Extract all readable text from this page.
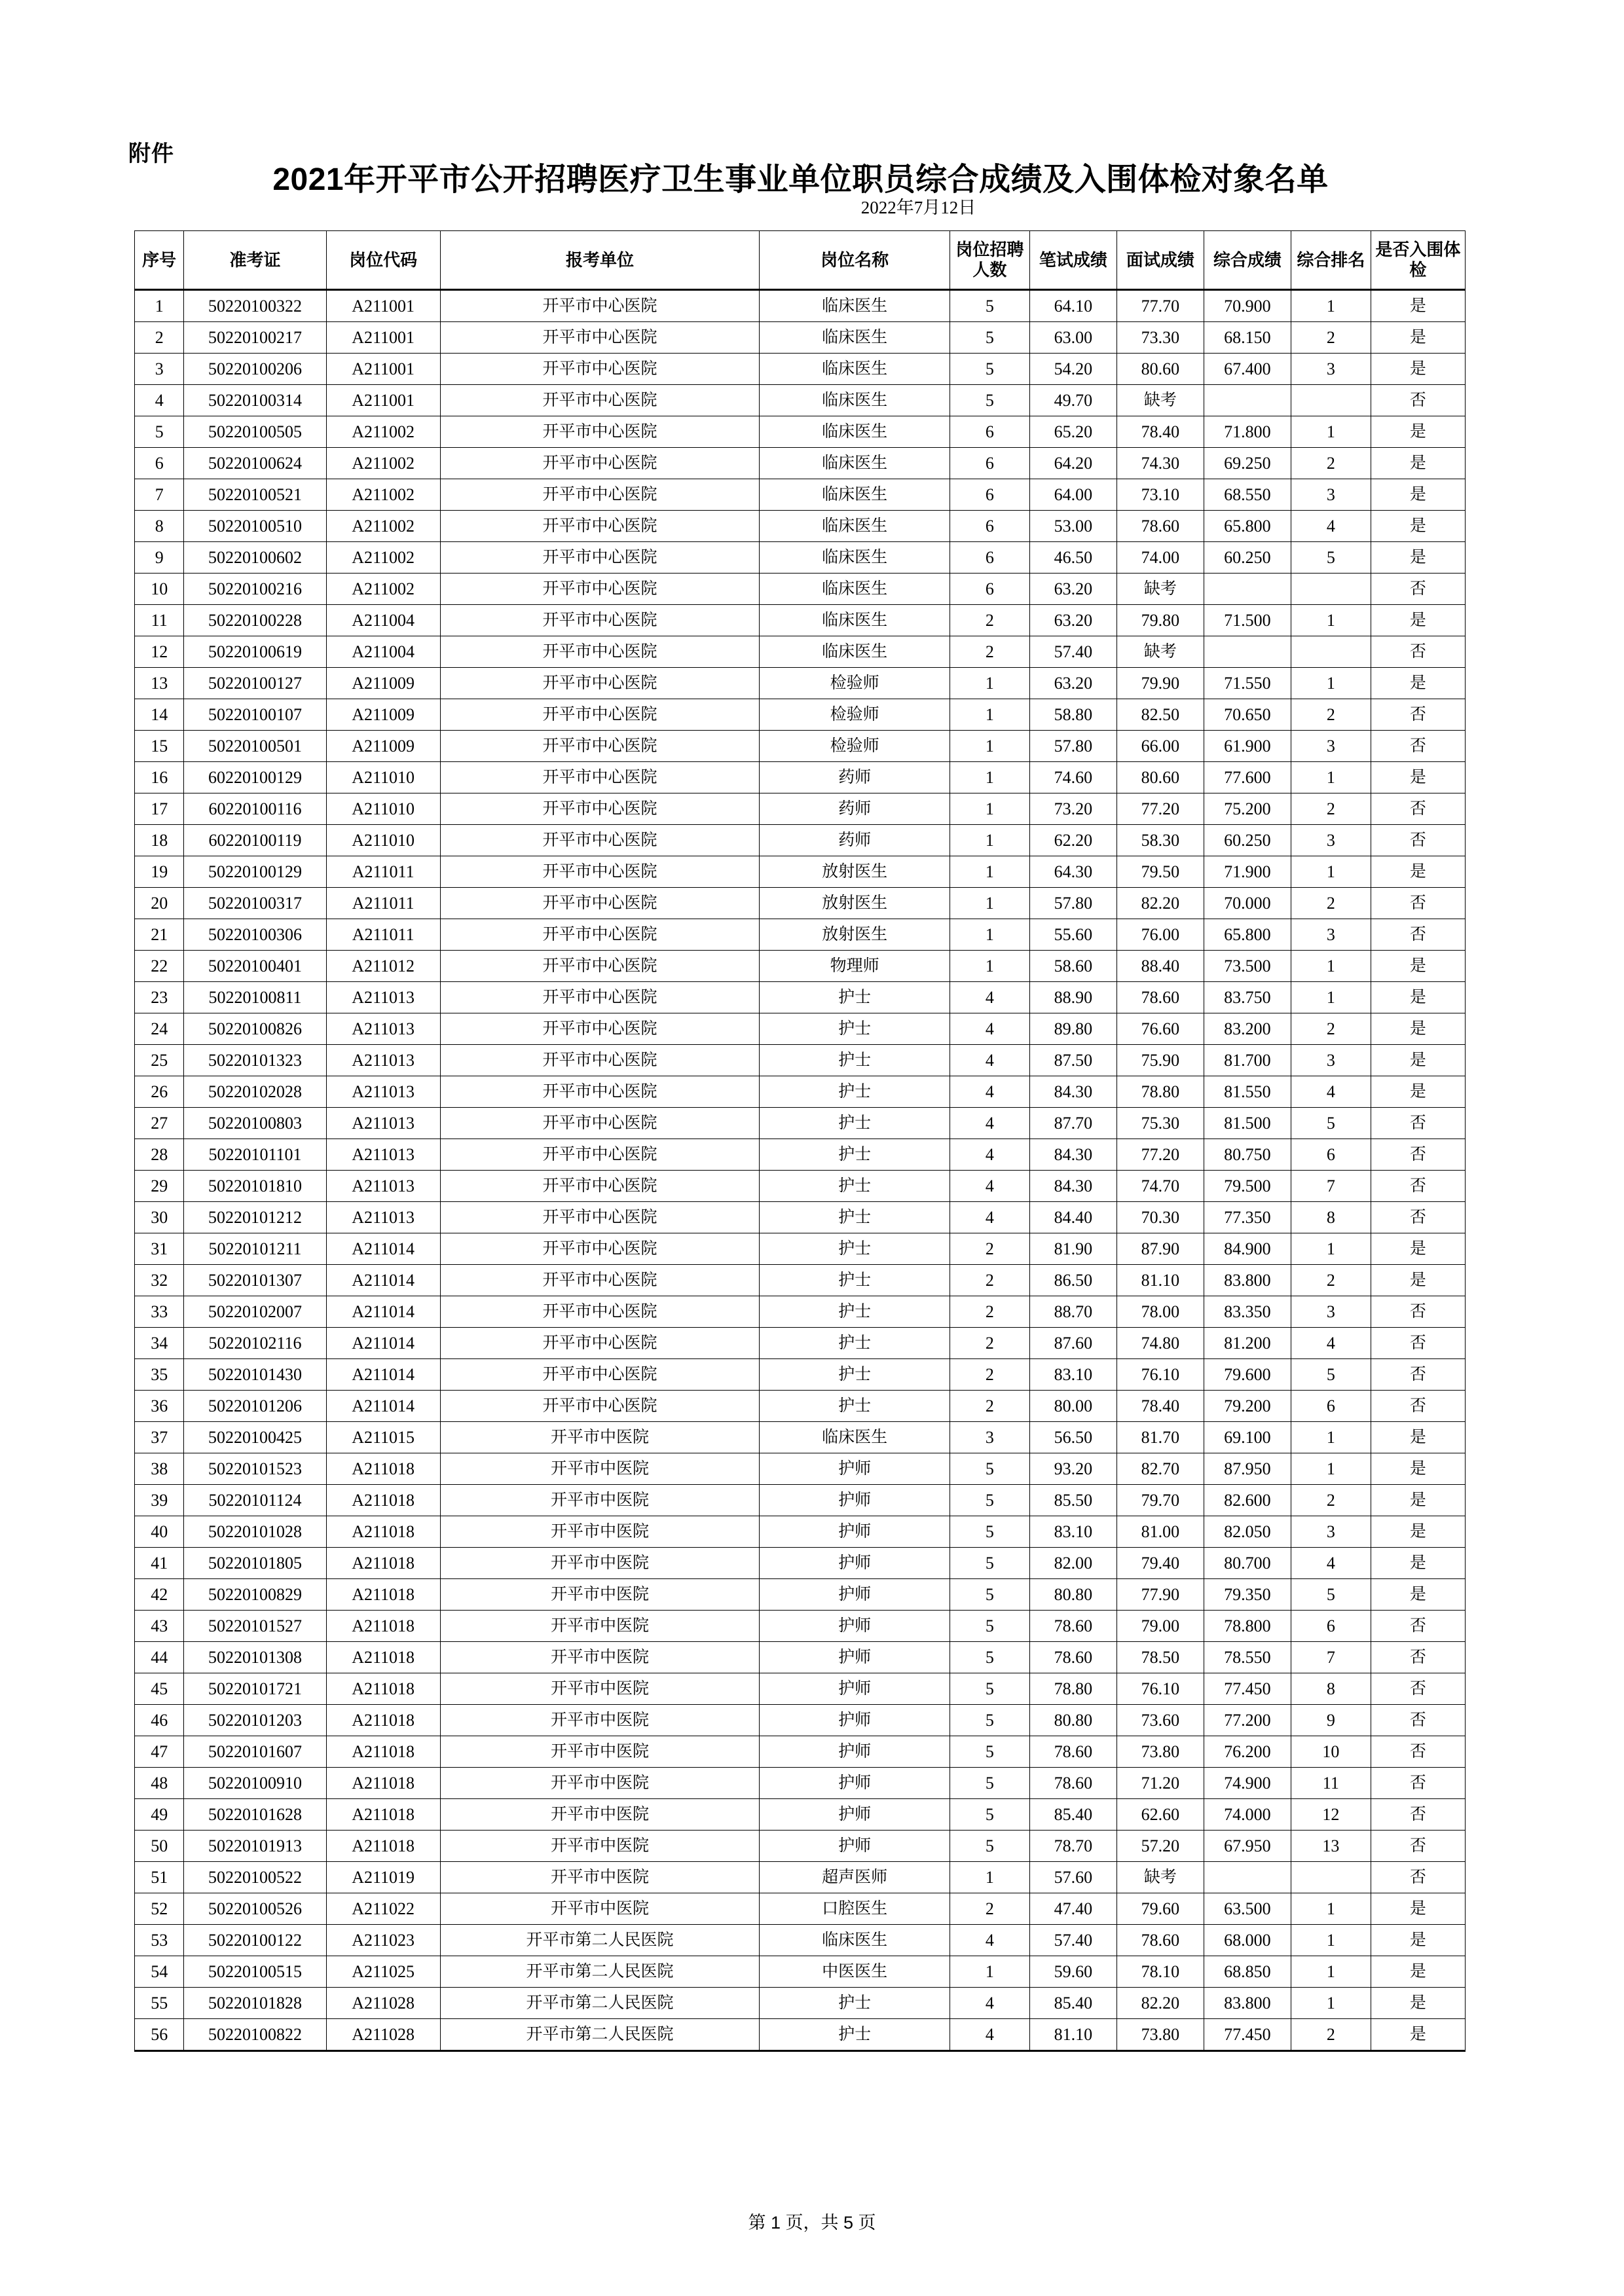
附件
2021年开平市公开招聘医疗卫生事业单位职员综合成绩及入围体检对象名单
2022年7月12日
序号	准考证	岗位代码	报考单位	岗位名称	岗位招聘人数	笔试成绩	面试成绩	综合成绩	综合排名	是否入围体检
1	50220100322	A211001	开平市中心医院	临床医生	5	64.10	77.70	70.900	1	是
2	50220100217	A211001	开平市中心医院	临床医生	5	63.00	73.30	68.150	2	是
3	50220100206	A211001	开平市中心医院	临床医生	5	54.20	80.60	67.400	3	是
4	50220100314	A211001	开平市中心医院	临床医生	5	49.70	缺考			否
5	50220100505	A211002	开平市中心医院	临床医生	6	65.20	78.40	71.800	1	是
6	50220100624	A211002	开平市中心医院	临床医生	6	64.20	74.30	69.250	2	是
7	50220100521	A211002	开平市中心医院	临床医生	6	64.00	73.10	68.550	3	是
8	50220100510	A211002	开平市中心医院	临床医生	6	53.00	78.60	65.800	4	是
9	50220100602	A211002	开平市中心医院	临床医生	6	46.50	74.00	60.250	5	是
10	50220100216	A211002	开平市中心医院	临床医生	6	63.20	缺考			否
11	50220100228	A211004	开平市中心医院	临床医生	2	63.20	79.80	71.500	1	是
12	50220100619	A211004	开平市中心医院	临床医生	2	57.40	缺考			否
13	50220100127	A211009	开平市中心医院	检验师	1	63.20	79.90	71.550	1	是
14	50220100107	A211009	开平市中心医院	检验师	1	58.80	82.50	70.650	2	否
15	50220100501	A211009	开平市中心医院	检验师	1	57.80	66.00	61.900	3	否
16	60220100129	A211010	开平市中心医院	药师	1	74.60	80.60	77.600	1	是
17	60220100116	A211010	开平市中心医院	药师	1	73.20	77.20	75.200	2	否
18	60220100119	A211010	开平市中心医院	药师	1	62.20	58.30	60.250	3	否
19	50220100129	A211011	开平市中心医院	放射医生	1	64.30	79.50	71.900	1	是
20	50220100317	A211011	开平市中心医院	放射医生	1	57.80	82.20	70.000	2	否
21	50220100306	A211011	开平市中心医院	放射医生	1	55.60	76.00	65.800	3	否
22	50220100401	A211012	开平市中心医院	物理师	1	58.60	88.40	73.500	1	是
23	50220100811	A211013	开平市中心医院	护士	4	88.90	78.60	83.750	1	是
24	50220100826	A211013	开平市中心医院	护士	4	89.80	76.60	83.200	2	是
25	50220101323	A211013	开平市中心医院	护士	4	87.50	75.90	81.700	3	是
26	50220102028	A211013	开平市中心医院	护士	4	84.30	78.80	81.550	4	是
27	50220100803	A211013	开平市中心医院	护士	4	87.70	75.30	81.500	5	否
28	50220101101	A211013	开平市中心医院	护士	4	84.30	77.20	80.750	6	否
29	50220101810	A211013	开平市中心医院	护士	4	84.30	74.70	79.500	7	否
30	50220101212	A211013	开平市中心医院	护士	4	84.40	70.30	77.350	8	否
31	50220101211	A211014	开平市中心医院	护士	2	81.90	87.90	84.900	1	是
32	50220101307	A211014	开平市中心医院	护士	2	86.50	81.10	83.800	2	是
33	50220102007	A211014	开平市中心医院	护士	2	88.70	78.00	83.350	3	否
34	50220102116	A211014	开平市中心医院	护士	2	87.60	74.80	81.200	4	否
35	50220101430	A211014	开平市中心医院	护士	2	83.10	76.10	79.600	5	否
36	50220101206	A211014	开平市中心医院	护士	2	80.00	78.40	79.200	6	否
37	50220100425	A211015	开平市中医院	临床医生	3	56.50	81.70	69.100	1	是
38	50220101523	A211018	开平市中医院	护师	5	93.20	82.70	87.950	1	是
39	50220101124	A211018	开平市中医院	护师	5	85.50	79.70	82.600	2	是
40	50220101028	A211018	开平市中医院	护师	5	83.10	81.00	82.050	3	是
41	50220101805	A211018	开平市中医院	护师	5	82.00	79.40	80.700	4	是
42	50220100829	A211018	开平市中医院	护师	5	80.80	77.90	79.350	5	是
43	50220101527	A211018	开平市中医院	护师	5	78.60	79.00	78.800	6	否
44	50220101308	A211018	开平市中医院	护师	5	78.60	78.50	78.550	7	否
45	50220101721	A211018	开平市中医院	护师	5	78.80	76.10	77.450	8	否
46	50220101203	A211018	开平市中医院	护师	5	80.80	73.60	77.200	9	否
47	50220101607	A211018	开平市中医院	护师	5	78.60	73.80	76.200	10	否
48	50220100910	A211018	开平市中医院	护师	5	78.60	71.20	74.900	11	否
49	50220101628	A211018	开平市中医院	护师	5	85.40	62.60	74.000	12	否
50	50220101913	A211018	开平市中医院	护师	5	78.70	57.20	67.950	13	否
51	50220100522	A211019	开平市中医院	超声医师	1	57.60	缺考			否
52	50220100526	A211022	开平市中医院	口腔医生	2	47.40	79.60	63.500	1	是
53	50220100122	A211023	开平市第二人民医院	临床医生	4	57.40	78.60	68.000	1	是
54	50220100515	A211025	开平市第二人民医院	中医医生	1	59.60	78.10	68.850	1	是
55	50220101828	A211028	开平市第二人民医院	护士	4	85.40	82.20	83.800	1	是
56	50220100822	A211028	开平市第二人民医院	护士	4	81.10	73.80	77.450	2	是
第 1 页，共 5 页
